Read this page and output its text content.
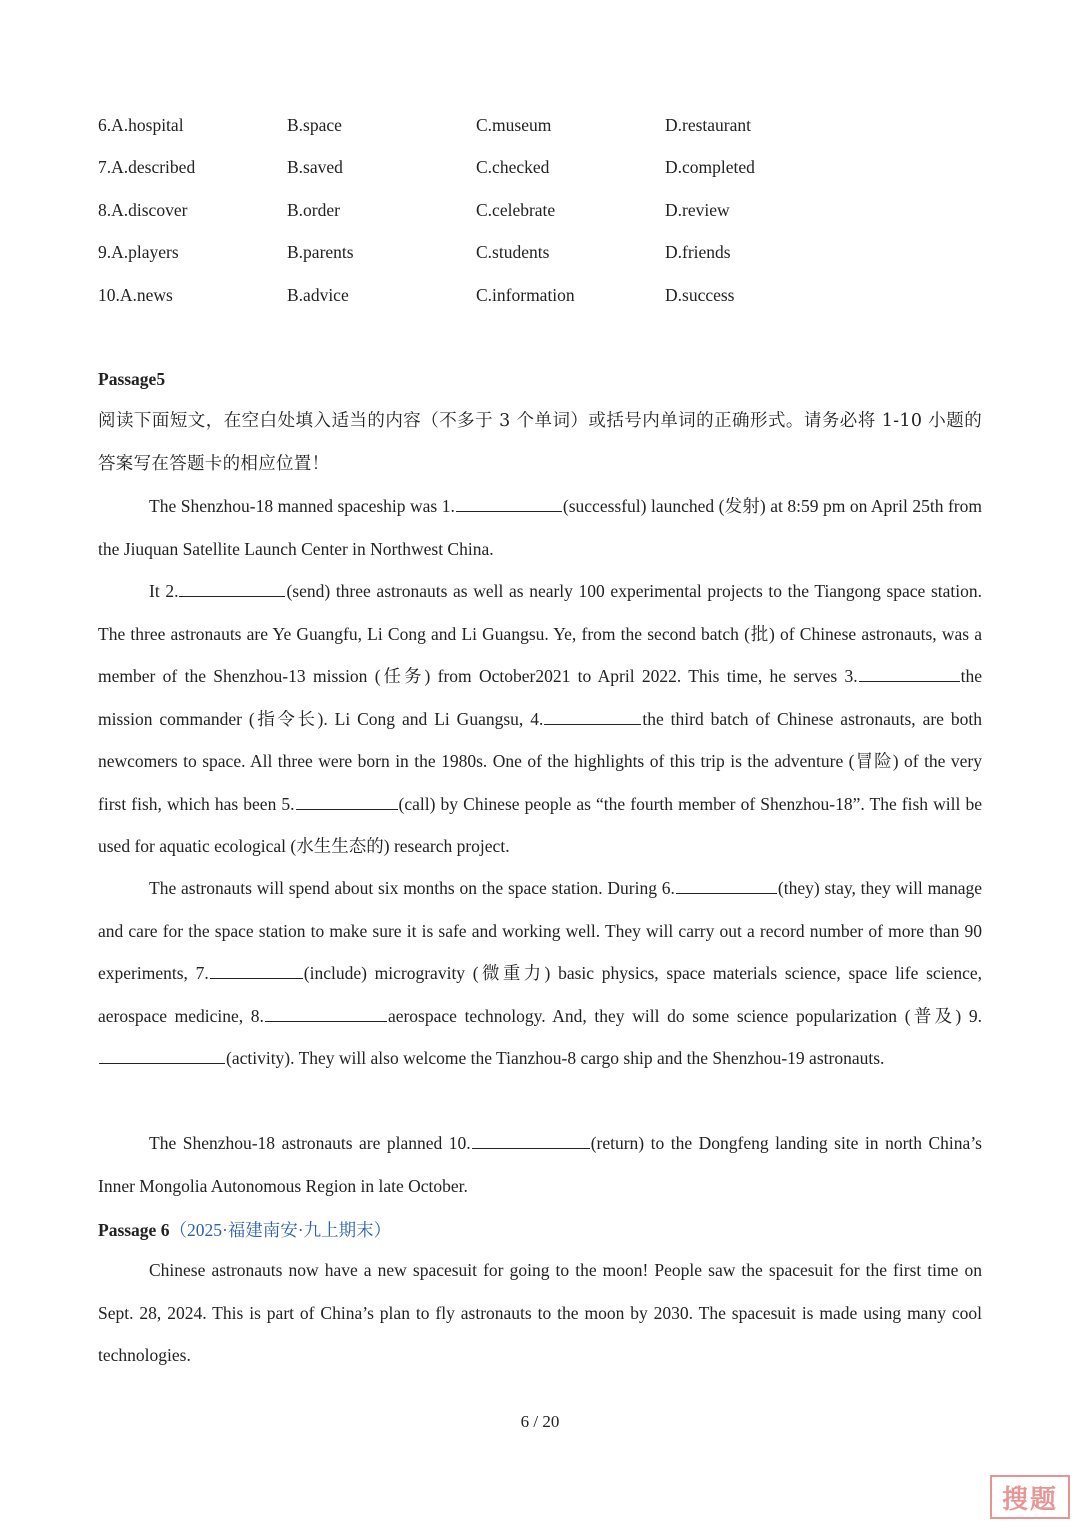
6.A.hospital	B.space	C.museum	D.restaurant
7.A.described	B.saved	C.checked	D.completed
8.A.discover	B.order	C.celebrate	D.review
9.A.players	B.parents	C.students	D.friends
10.A.news	B.advice	C.information	D.success
Passage5
阅读下面短文，在空白处填入适当的内容（不多于 3 个单词）或括号内单词的正确形式。请务必将 1-10 小题的答案写在答题卡的相应位置！

The Shenzhou-18 manned spaceship was 1.	(successful) launched (发射) at 8:59 pm on April 25th from the Jiuquan Satellite Launch Center in Northwest China.

It 2.	(send) three astronauts as well as nearly 100 experimental projects to the Tiangong space station. The three astronauts are Ye Guangfu, Li Cong and Li Guangsu. Ye, from the second batch (批) of Chinese astronauts, was a member of the Shenzhou-13 mission (任务) from October2021 to April 2022. This time, he serves 3.	the mission commander (指令长). Li Cong and Li Guangsu, 4.	the third batch of Chinese astronauts, are both newcomers to space. All three were born in the 1980s. One of the highlights of this trip is the adventure (冒险) of the very first fish, which has been 5.	(call) by Chinese people as “the fourth member of Shenzhou-18”. The fish will be used for aquatic ecological (水生生态的) research project.

The astronauts will spend about six months on the space station. During 6.	(they) stay, they will manage and care for the space station to make sure it is safe and working well. They will carry out a record number of more than 90 experiments, 7.	(include) microgravity (微重力) basic physics, space materials science, space life science, aerospace medicine, 8.	aerospace technology. And, they will do some science popularization (普及) 9.(activity). They will also welcome the Tianzhou-8 cargo ship and the Shenzhou-19 astronauts.

The Shenzhou-18 astronauts are planned 10.	(return) to the Dongfeng landing site in north China’s Inner Mongolia Autonomous Region in late October.

Passage 6（2025·福建南安·九上期末）

Chinese astronauts now have a new spacesuit for going to the moon! People saw the spacesuit for the first time on Sept. 28, 2024. This is part of China’s plan to fly astronauts to the moon by 2030. The spacesuit is made using many cool technologies.

6 / 20
搜题
